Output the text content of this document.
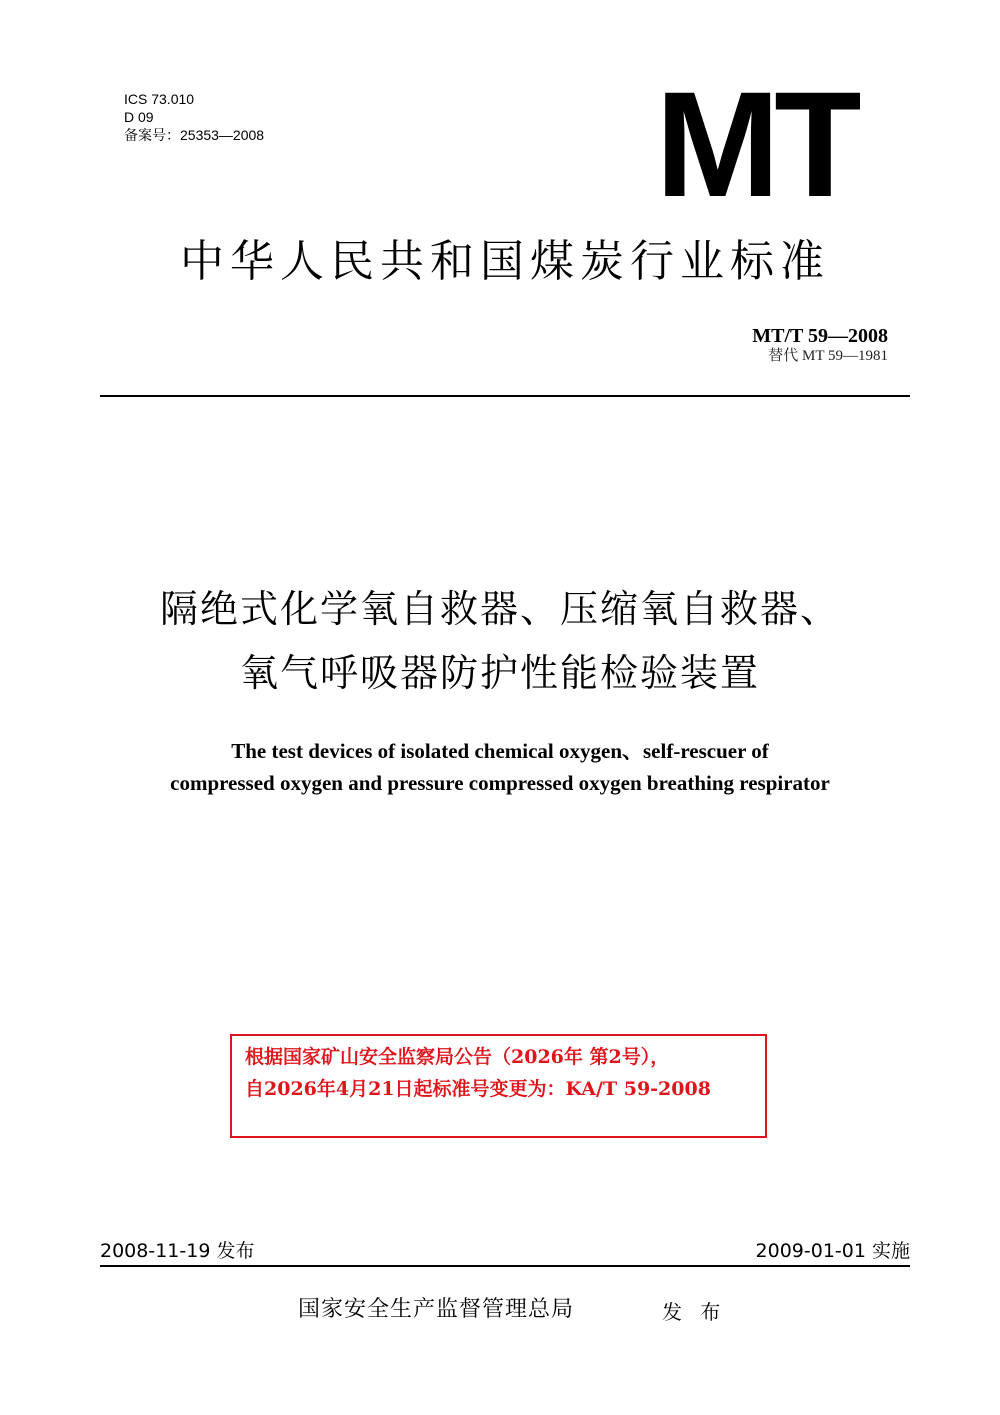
ICS 73.010
D 09
备案号：25353—2008	MT
中华人民共和国煤炭行业标准
MT/T 59—2008
替代 MT 59—1981
隔绝式化学氧自救器、压缩氧自救器、
氧气呼吸器防护性能检验装置
The test devices of isolated chemical oxygen、self-rescuer of
compressed oxygen and pressure compressed oxygen breathing respirator
根据国家矿山安全监察局公告（2026年 第2号），
自2026年4月21日起标准号变更为：KA/T 59-2008
2008-11-19 发布	2009-01-01 实施
国家安全生产监督管理总局	发 布
